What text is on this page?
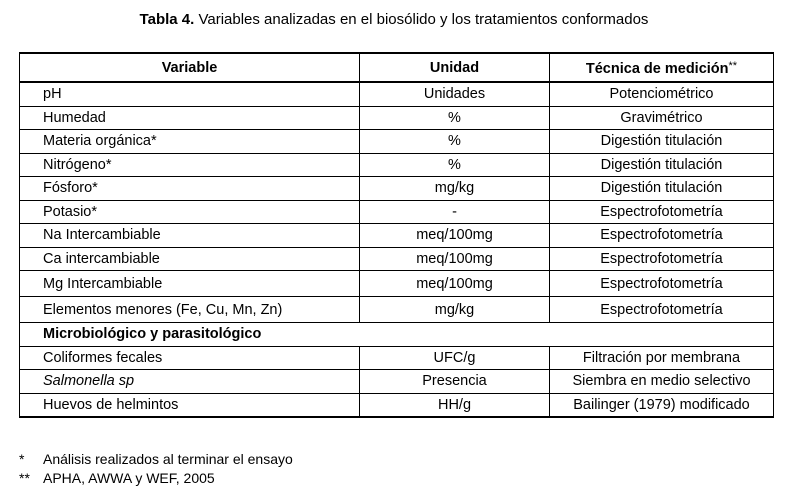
Tabla 4. Variables analizadas en el biosólido y los tratamientos conformados
Variable	Unidad	Técnica de medición**
pH	Unidades	Potenciométrico
Humedad	%	Gravimétrico
Materia orgánica*	%	Digestión titulación
Nitrógeno*	%	Digestión titulación
Fósforo*	mg/kg	Digestión titulación
Potasio*	-	Espectrofotometría
Na Intercambiable	meq/100mg	Espectrofotometría
Ca intercambiable	meq/100mg	Espectrofotometría
Mg Intercambiable	meq/100mg	Espectrofotometría
Elementos menores (Fe, Cu, Mn, Zn)	mg/kg	Espectrofotometría
Microbiológico y parasitológico		
Coliformes fecales	UFC/g	Filtración por membrana
Salmonella sp	Presencia	Siembra en medio selectivo
Huevos de helmintos	HH/g	Bailinger (1979) modificado
* Análisis realizados al terminar el ensayo
** APHA, AWWA y WEF, 2005
